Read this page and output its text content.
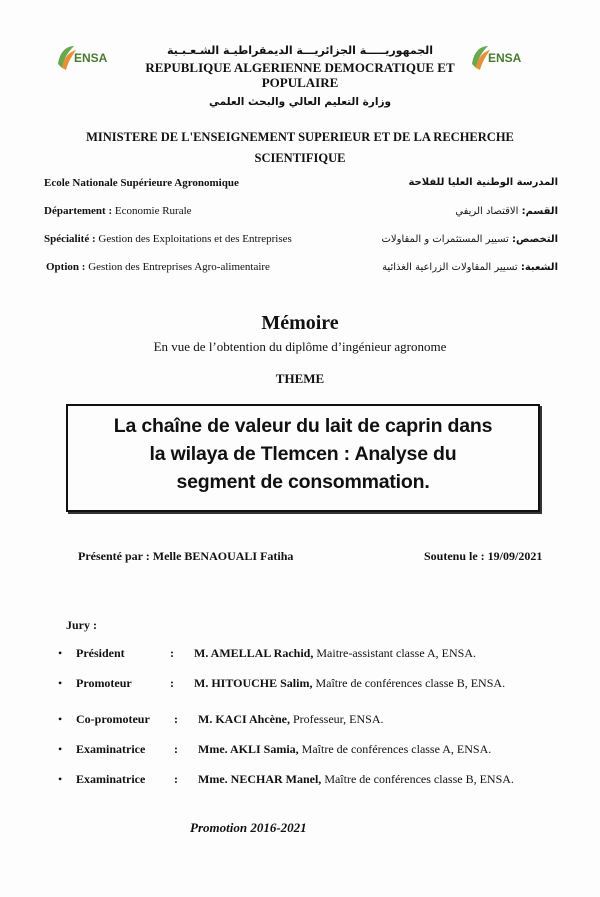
ENSA	ENSA
الجمهوريـــــة الجزائريـــة الديمقراطيـة الشـعـبـية
REPUBLIQUE ALGERIENNE DEMOCRATIQUE ET
POPULAIRE
وزارة التعليم العالي والبحث العلمي
MINISTERE DE L'ENSEIGNEMENT SUPERIEUR ET DE LA RECHERCHE
SCIENTIFIQUE
Ecole Nationale Supérieure Agronomique	المدرسة الوطنية العليا للفلاحة
Département : Economie Rurale	القسم: الاقتصاد الريفي
Spécialité : Gestion des Exploitations et des Entreprises	التخصص: تسيير المستثمرات و المقاولات
Option : Gestion des Entreprises Agro-alimentaire	الشعبة: تسيير المقاولات الزراعية الغذائية
Mémoire
En vue de l’obtention du diplôme d’ingénieur agronome
THEME
La chaîne de valeur du lait de caprin dans
la wilaya de Tlemcen : Analyse du
segment de consommation.
Présenté par : Melle BENAOUALI Fatiha	Soutenu le : 19/09/2021
Jury :
• Président	: M. AMELLAL Rachid, Maitre-assistant classe A, ENSA.
• Promoteur	: M. HITOUCHE Salim, Maître de conférences classe B, ENSA.
• Co-promoteur : M. KACI Ahcène, Professeur, ENSA.
• Examinatrice : Mme. AKLI Samia, Maître de conférences classe A, ENSA.
• Examinatrice : Mme. NECHAR Manel, Maître de conférences classe B, ENSA.
Promotion 2016-2021
